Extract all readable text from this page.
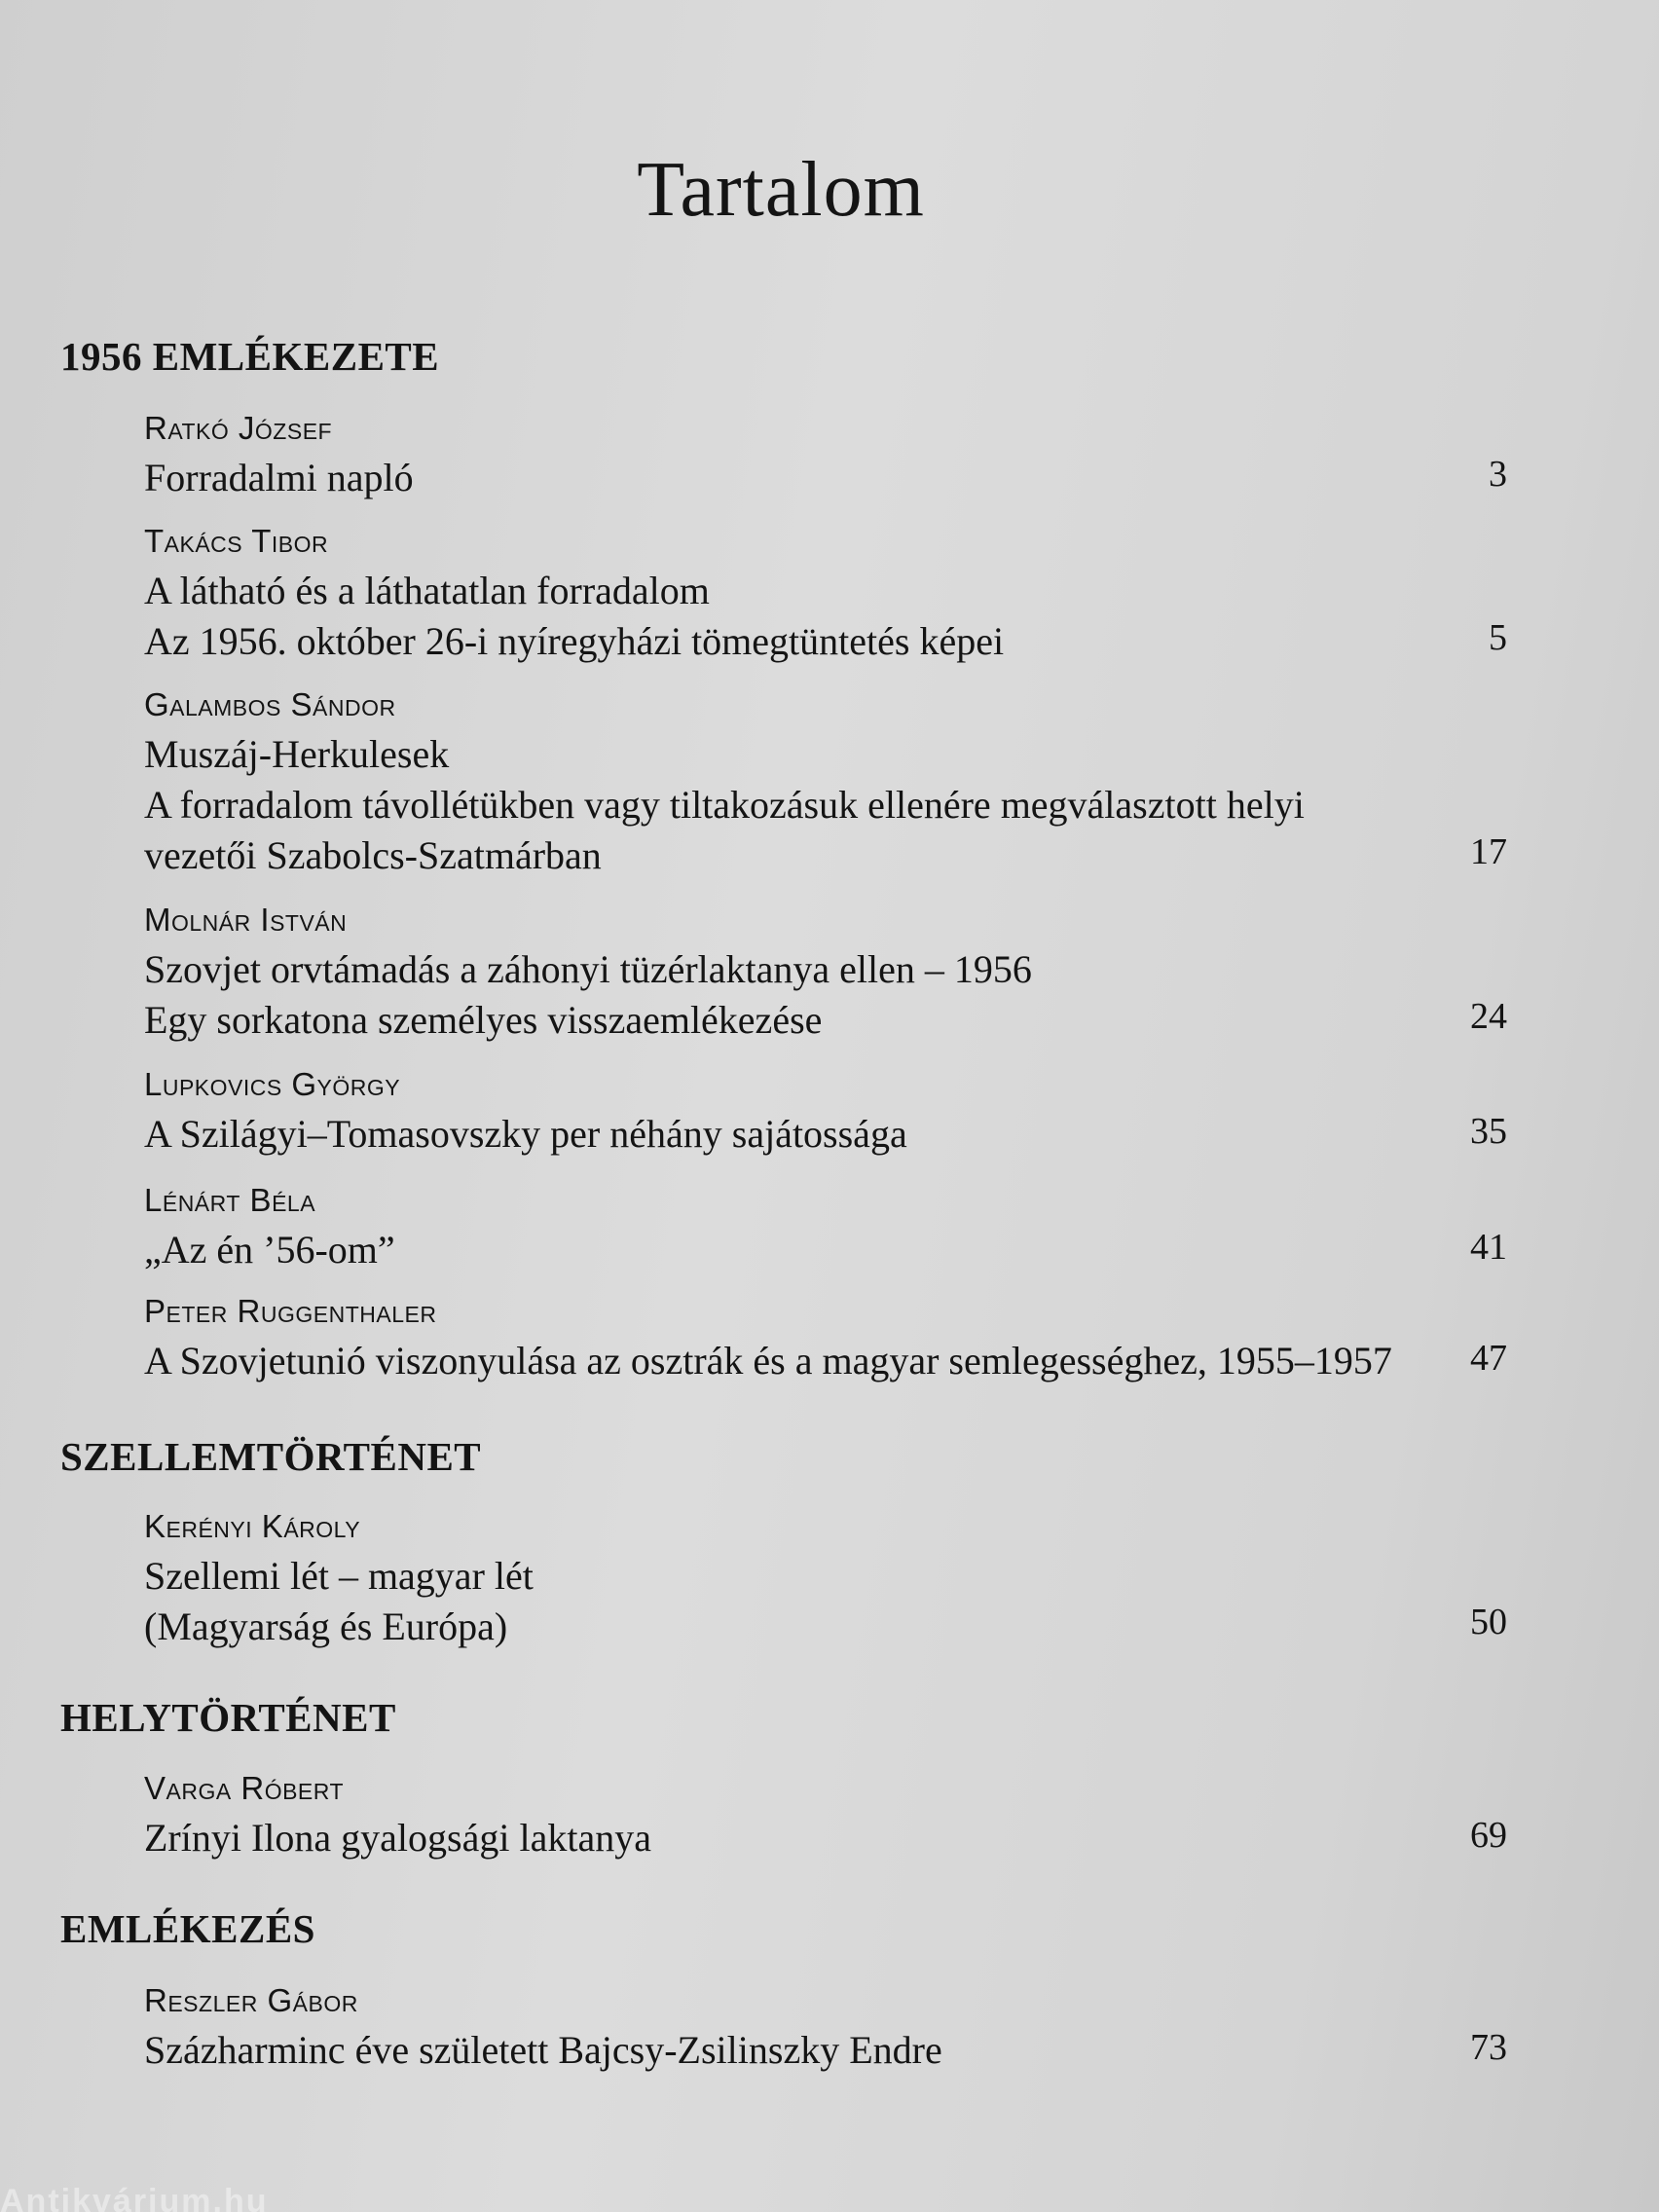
Tartalom
1956 EMLÉKEZETE
Ratkó József
Forradalmi napló	3
Takács Tibor
A látható és a láthatatlan forradalom
Az 1956. október 26-i nyíregyházi tömegtüntetés képei	5
Galambos Sándor
Muszáj-Herkulesek
A forradalom távollétükben vagy tiltakozásuk ellenére megválasztott helyi
vezetői Szabolcs-Szatmárban	17
Molnár István
Szovjet orvtámadás a záhonyi tüzérlaktanya ellen – 1956
Egy sorkatona személyes visszaemlékezése	24
Lupkovics György
A Szilágyi–Tomasovszky per néhány sajátossága	35
Lénárt Béla
„Az én ’56-om”	41
Peter Ruggenthaler
A Szovjetunió viszonyulása az osztrák és a magyar semlegességhez, 1955–1957	47
SZELLEMTÖRTÉNET
Kerényi Károly
Szellemi lét – magyar lét
(Magyarság és Európa)	50
HELYTÖRTÉNET
Varga Róbert
Zrínyi Ilona gyalogsági laktanya	69
EMLÉKEZÉS
Reszler Gábor
Százharminc éve született Bajcsy-Zsilinszky Endre	73
Antikvárium.hu
